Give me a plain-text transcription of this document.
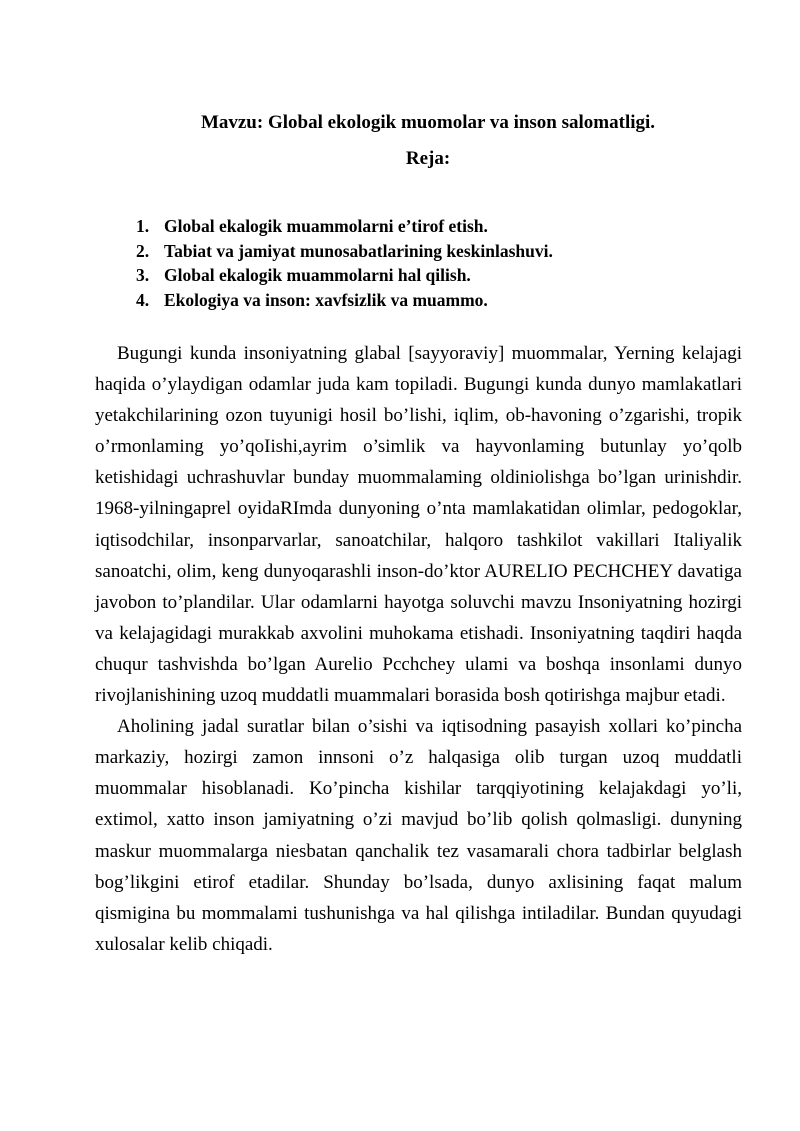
Mavzu: Global ekologik muomolar va inson salomatligi.
Reja:
1. Global ekalogik muammolarni e’tirof etish.
2. Tabiat va jamiyat munosabatlarining keskinlashuvi.
3. Global ekalogik muammolarni hal qilish.
4. Ekologiya va inson: xavfsizlik va muammo.

Bugungi kunda insoniyatning glabal [sayyoraviy] muommalar, Yerning kelajagi haqida o’ylaydigan odamlar juda kam topiladi. Bugungi kunda dunyo mamlakatlari yetakchilarining ozon tuyunigi hosil bo’lishi, iqlim, ob-havoning o’zgarishi, tropik o’rmonlaming yo’qoIishi,ayrim o’simlik va hayvonlaming butunlay yo’qolb ketishidagi uchrashuvlar bunday muommalaming oldiniolishga bo’lgan urinishdir. 1968-yilningaprel oyidaRImda dunyoning o’nta mamlakatidan olimlar, pedogoklar, iqtisodchilar, insonparvarlar, sanoatchilar, halqoro tashkilot vakillari Italiyalik sanoatchi, olim, keng dunyoqarashli inson-do’ktor AURELIO PECHCHEY davatiga javobon to’plandilar. Ular odamlarni hayotga soluvchi mavzu Insoniyatning hozirgi va kelajagidagi murakkab axvolini muhokama etishadi. Insoniyatning taqdiri haqda chuqur tashvishda bo’lgan Aurelio Pcchchey ulami va boshqa insonlami dunyo rivojlanishining uzoq muddatli muammalari borasida bosh qotirishga majbur etadi.

Aholining jadal suratlar bilan o’sishi va iqtisodning pasayish xollari ko’pincha markaziy, hozirgi zamon innsoni o’z halqasiga olib turgan uzoq muddatli muommalar hisoblanadi. Ko’pincha kishilar tarqqiyotining kelajakdagi yo’li, extimol, xatto inson jamiyatning o’zi mavjud bo’lib qolish qolmasligi. dunyning maskur muommalarga niesbatan qanchalik tez vasamarali chora tadbirlar belglash bog’likgini etirof etadilar. Shunday bo’lsada, dunyo axlisining faqat malum qismigina bu mommalami tushunishga va hal qilishga intiladilar. Bundan quyudagi xulosalar kelib chiqadi.
